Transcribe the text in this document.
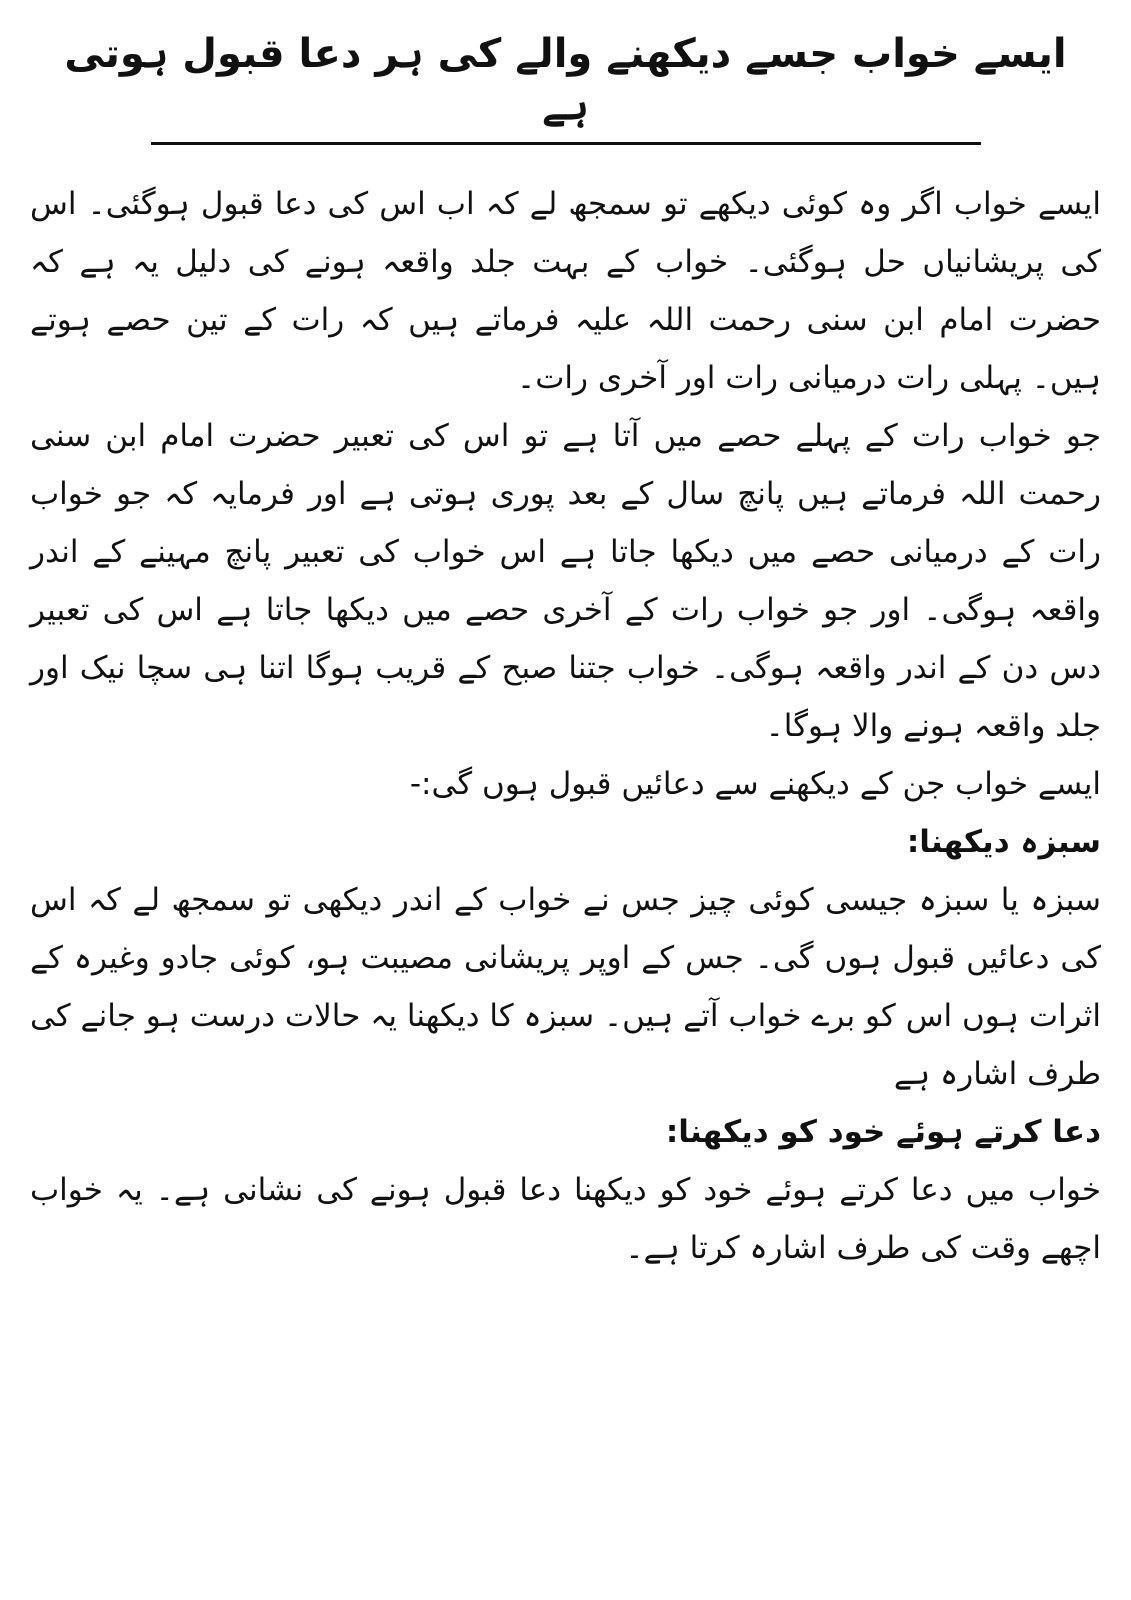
ایسے خواب جسے دیکھنے والے کی ہر دعا قبول ہوتی
ہے

ایسے خواب اگر وہ کوئی دیکھے تو سمجھ لے کہ اب اس کی دعا قبول ہوگئی۔ اس کی پریشانیاں حل ہوگئی۔ خواب کے بہت جلد واقعہ ہونے کی دلیل یہ ہے کہ حضرت امام ابن سنی رحمت اللہ علیہ فرماتے ہیں کہ رات کے تین حصے ہوتے ہیں۔ پہلی رات درمیانی رات اور آخری رات۔

جو خواب رات کے پہلے حصے میں آتا ہے تو اس کی تعبیر حضرت امام ابن سنی رحمت اللہ فرماتے ہیں پانچ سال کے بعد پوری ہوتی ہے اور فرمایہ کہ جو خواب رات کے درمیانی حصے میں دیکھا جاتا ہے اس خواب کی تعبیر پانچ مہینے کے اندر واقعہ ہوگی۔ اور جو خواب رات کے آخری حصے میں دیکھا جاتا ہے اس کی تعبیر دس دن کے اندر واقعہ ہوگی۔ خواب جتنا صبح کے قریب ہوگا اتنا ہی سچا نیک اور جلد واقعہ ہونے والا ہوگا۔

ایسے خواب جن کے دیکھنے سے دعائیں قبول ہوں گی:-

سبزہ دیکھنا:

سبزہ یا سبزہ جیسی کوئی چیز جس نے خواب کے اندر دیکھی تو سمجھ لے کہ اس کی دعائیں قبول ہوں گی۔ جس کے اوپر پریشانی مصیبت ہو، کوئی جادو وغیرہ کے اثرات ہوں اس کو برے خواب آتے ہیں۔ سبزہ کا دیکھنا یہ حالات درست ہو جانے کی طرف اشارہ ہے

دعا کرتے ہوئے خود کو دیکھنا:

خواب میں دعا کرتے ہوئے خود کو دیکھنا دعا قبول ہونے کی نشانی ہے۔ یہ خواب اچھے وقت کی طرف اشارہ کرتا ہے۔
